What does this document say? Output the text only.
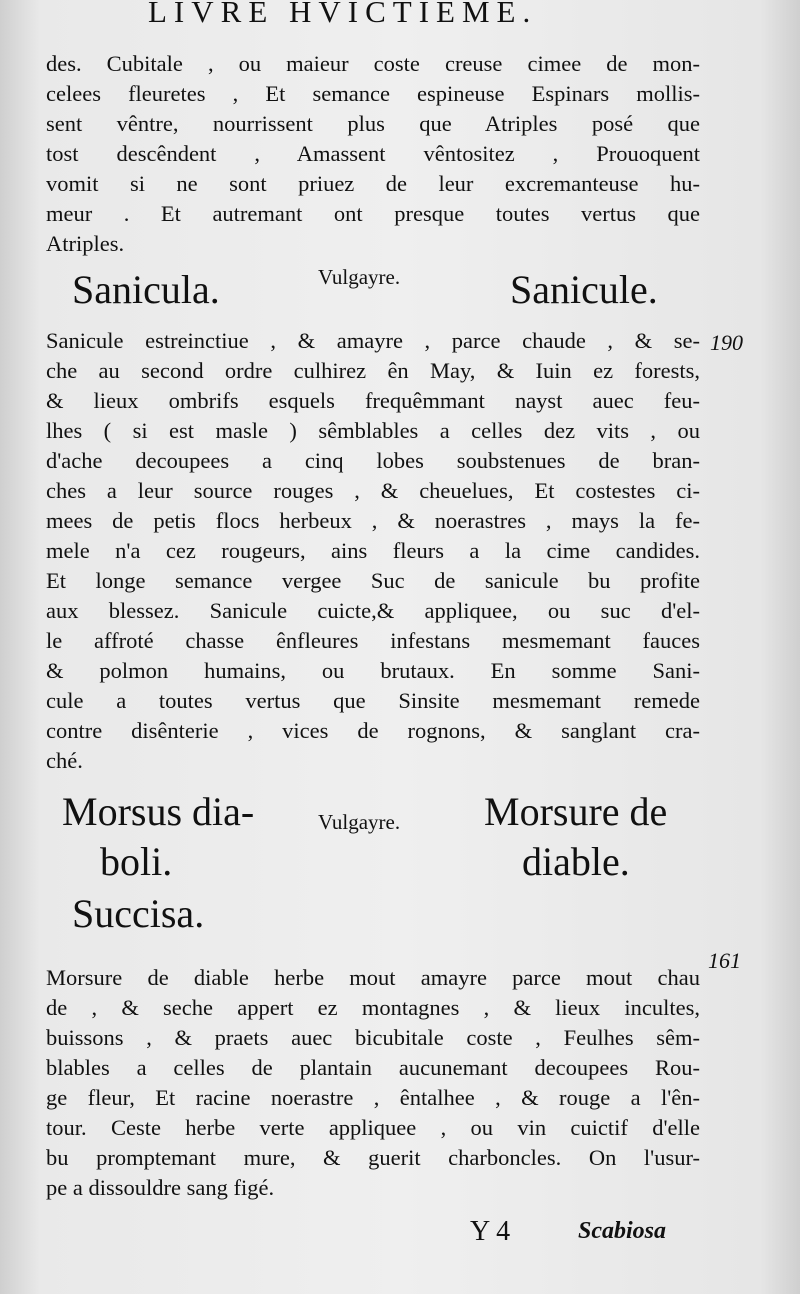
LIVRE HVICTIEME.
des. Cubitale , ou maieur coste creuse cimee de mon-
celees fleuretes , Et semance espineuse Espinars mollis-
sent vêntre, nourrissent plus que Atriples posé que
tost descêndent , Amassent vêntositez , Prouoquent
vomit si ne sont priuez de leur excremanteuse hu-
meur . Et autremant ont presque toutes vertus que
Atriples.
Sanicula.	Vulgayre.	Sanicule.
190
Sanicule estreinctiue , & amayre , parce chaude , & se-
che au second ordre culhirez ên May, & Iuin ez forests,
& lieux ombrifs esquels frequêmmant nayst auec feu-
lhes ( si est masle ) sêmblables a celles dez vits , ou
d'ache decoupees a cinq lobes soubstenues de bran-
ches a leur source rouges , & cheuelues, Et costestes ci-
mees de petis flocs herbeux , & noerastres , mays la fe-
mele n'a cez rougeurs, ains fleurs a la cime candides.
Et longe semance vergee Suc de sanicule bu profite
aux blessez. Sanicule cuicte,& appliquee, ou suc d'el-
le affroté chasse ênfleures infestans mesmemant fauces
& polmon humains, ou brutaux. En somme Sani-
cule a toutes vertus que Sinsite mesmemant remede
contre disênterie , vices de rognons, & sanglant cra-
ché.
Morsus dia-
boli.
Succisa.
Vulgayre. Morsure de
diable.
161
Morsure de diable herbe mout amayre parce mout chau
de , & seche appert ez montagnes , & lieux incultes,
buissons , & praets auec bicubitale coste , Feulhes sêm-
blables a celles de plantain aucunemant decoupees Rou-
ge fleur, Et racine noerastre , êntalhee , & rouge a l'ên-
tour. Ceste herbe verte appliquee , ou vin cuictif d'elle
bu promptemant mure, & guerit charboncles. On l'usur-
pe a dissouldre sang figé.
Y 4	Scabiosa
